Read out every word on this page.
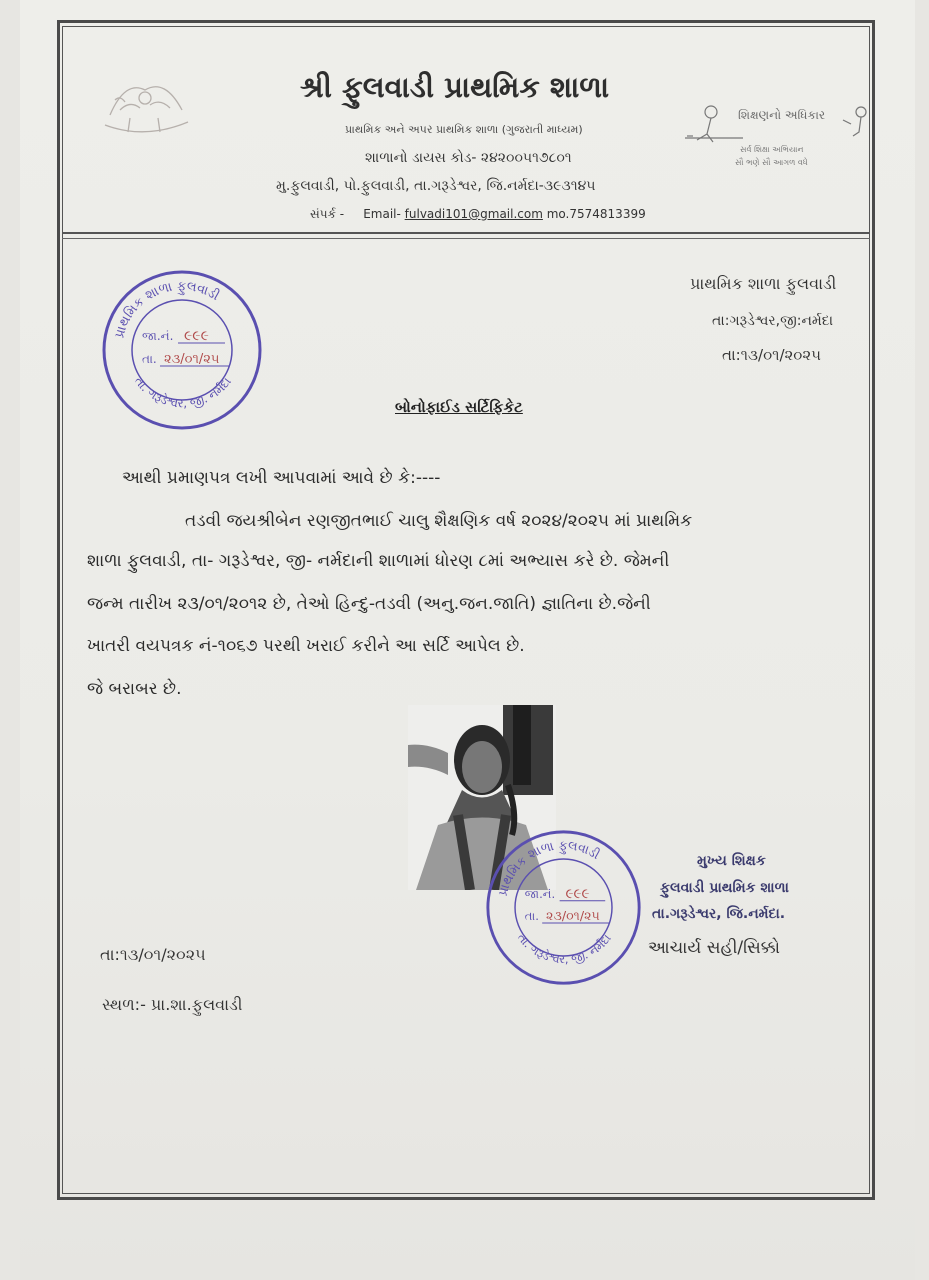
શ્રી ફુલવાડી પ્રાથમિક શાળા
પ્રાથમિક અને અપર પ્રાથમિક શાળા (ગુજરાતી માધ્યમ)
શાળાનો ડાયસ કોડ- ૨૪૨૦૦૫૧૭૮૦૧
મુ.ફુલવાડી, પો.ફુલવાડી, તા.ગરૂડેશ્વર, જિ.નર્મદા-૩૯૩૧૪૫
સંપર્ક - Email- fulvadi101@gmail.com mo.7574813399
શિક્ષણનો અધિકાર
સર્વ શિક્ષા અભિયાન
સૌ ભણે સૌ આગળ વધે
પ્રાથમિક શાળા ફુલવાડી
તા. ગરૂડેશ્વર, જી. નર્મદા
જા.નં. ૯૯૯
તા. ૨૩/૦૧/૨૫
પ્રાથમિક શાળા ફુલવાડી
તા:ગરૂડેશ્વર,જી:નર્મદા
તા:૧૩/૦૧/૨૦૨૫
બોનોફાઈડ સર્ટિફિકેટ
આથી પ્રમાણપત્ર લખી આપવામાં આવે છે કે:----
તડવી જયશ્રીબેન રણજીતભાઈ ચાલુ શૈક્ષણિક વર્ષ ૨૦૨૪/૨૦૨૫ માં પ્રાથમિક
શાળા ફુલવાડી, તા- ગરૂડેશ્વર, જી- નર્મદાની શાળામાં ધોરણ ૮માં અભ્યાસ કરે છે. જેમની
જન્મ તારીખ ૨૩/૦૧/૨૦૧૨ છે, તેઓ હિન્દુ-તડવી (અનુ.જન.જાતિ) જ્ઞાતિના છે.જેની
ખાતરી વયપત્રક નં-૧૦૬૭ પરથી ખરાઈ કરીને આ સર્ટિ આપેલ છે.
જે બરાબર છે.
પ્રાથમિક શાળા ફુલવાડી
તા. ગરૂડેશ્વર, જી. નર્મદા
જા.નં. ૯૯૯
તા. ૨૩/૦૧/૨૫
મુખ્ય શિક્ષક
ફુલવાડી પ્રાથમિક શાળા
તા.ગરૂડેશ્વર, જિ.નર્મદા.
આચાર્ય સહી/સિક્કો
તા:૧૩/૦૧/૨૦૨૫
સ્થળ:- પ્રા.શા.ફુલવાડી
